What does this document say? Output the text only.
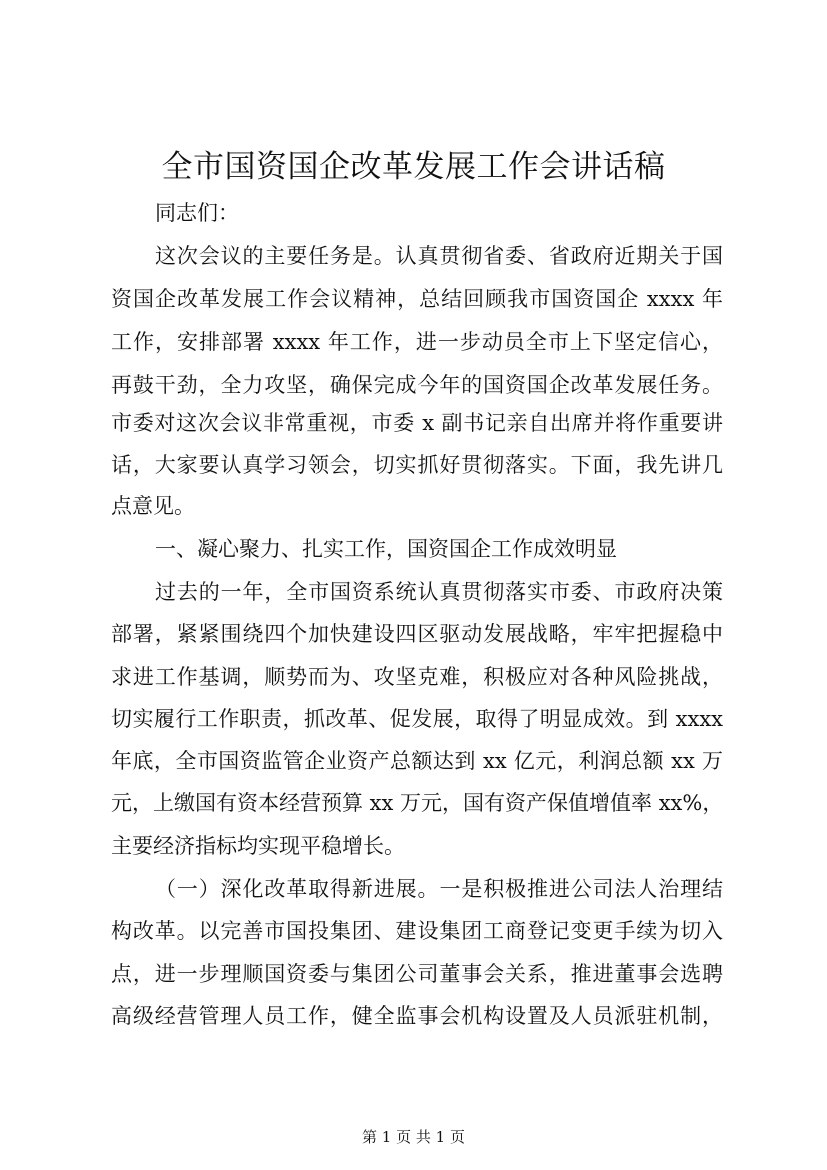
全市国资国企改革发展工作会讲话稿
同志们：
这次会议的主要任务是。认真贯彻省委、省政府近期关于国
资国企改革发展工作会议精神，总结回顾我市国资国企 xxxx 年
工作，安排部署 xxxx 年工作，进一步动员全市上下坚定信心，
再鼓干劲，全力攻坚，确保完成今年的国资国企改革发展任务。
市委对这次会议非常重视，市委 x 副书记亲自出席并将作重要讲
话，大家要认真学习领会，切实抓好贯彻落实。下面，我先讲几
点意见。
一、凝心聚力、扎实工作，国资国企工作成效明显
过去的一年，全市国资系统认真贯彻落实市委、市政府决策
部署，紧紧围绕四个加快建设四区驱动发展战略，牢牢把握稳中
求进工作基调，顺势而为、攻坚克难，积极应对各种风险挑战，
切实履行工作职责，抓改革、促发展，取得了明显成效。到 xxxx
年底，全市国资监管企业资产总额达到 xx 亿元，利润总额 xx 万
元，上缴国有资本经营预算 xx 万元，国有资产保值增值率 xx%，
主要经济指标均实现平稳增长。
（一）深化改革取得新进展。一是积极推进公司法人治理结
构改革。以完善市国投集团、建设集团工商登记变更手续为切入
点，进一步理顺国资委与集团公司董事会关系，推进董事会选聘
高级经营管理人员工作，健全监事会机构设置及人员派驻机制，
第 1 页 共 1 页
